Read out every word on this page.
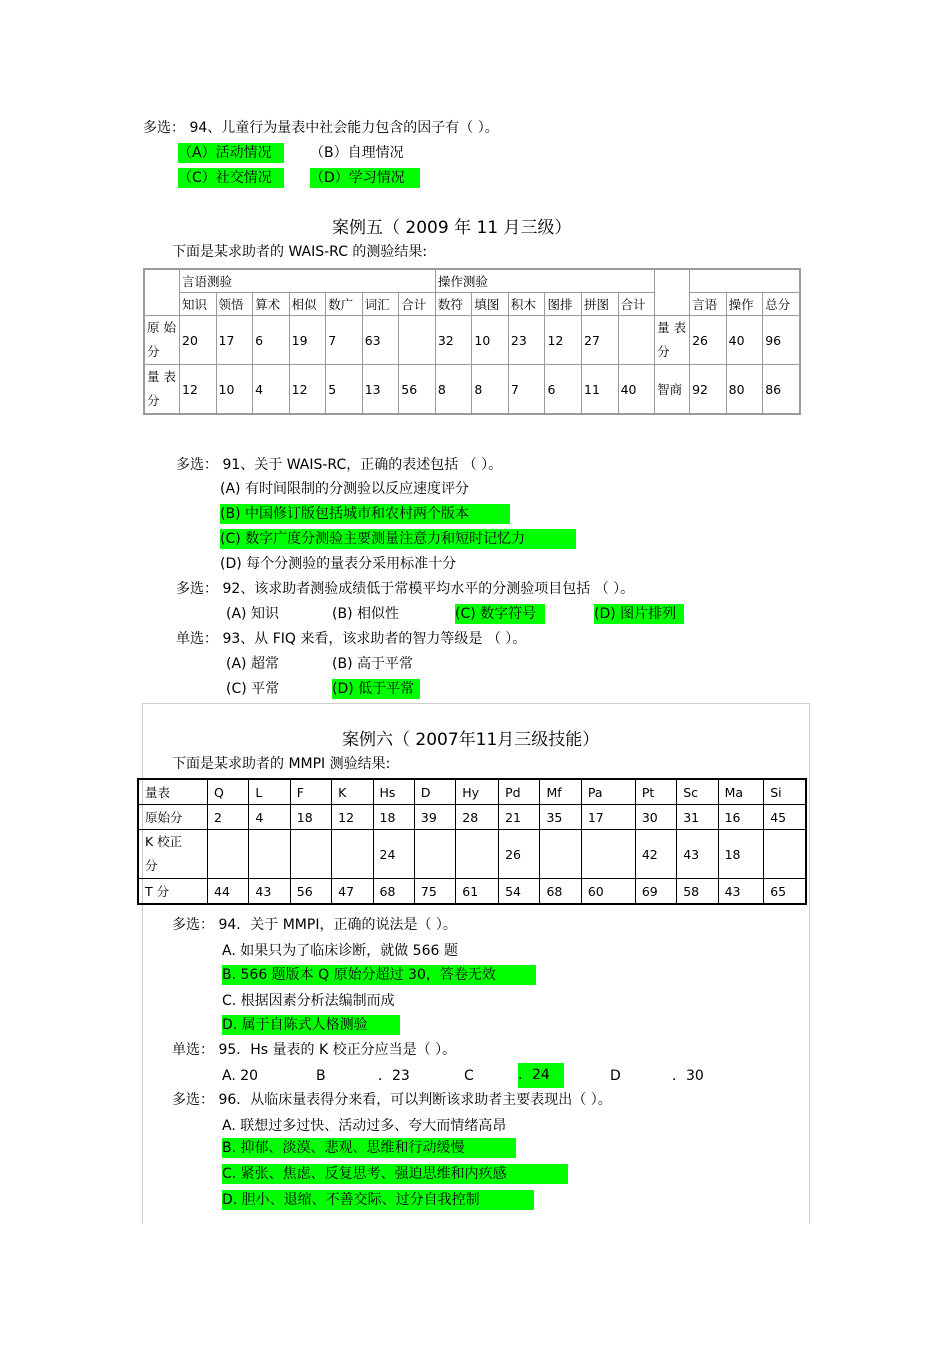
多选： 94、儿童行为量表中社会能力包含的因子有（ ）。
（A）活动情况	（B）自理情况
（C）社交情况	（D）学习情况
案例五（ 2009 年 11 月三级）
下面是某求助者的 WAIS-RC 的测验结果:
	言语测验							操作测验									
	知识	领悟	算术	相似	数广	词汇	合计	数符	填图	积木	图排	拼图	合计		言语	操作	总分
原 始 分	20	17	6	19	7	63		32	10	23	12	27		量 表 分	26	40	96
量 表 分	12	10	4	12	5	13	56	8	8	7	6	11	40	智商	92	80	86
多选： 91、关于 WAIS-RC，正确的表述包括 （ ）。
(A) 有时间限制的分测验以反应速度评分
(B) 中国修订版包括城市和农村两个版本
(C) 数字广度分测验主要测量注意力和短时记忆力
(D) 每个分测验的量表分采用标准十分
多选： 92、该求助者测验成绩低于常模平均水平的分测验项目包括 （ ）。
(A) 知识	(B) 相似性	(C) 数字符号	(D) 图片排列
单选： 93、从 FIQ 来看，该求助者的智力等级是 （ ）。
(A) 超常	(B) 高于平常
(C) 平常	(D) 低于平常
案例六（ 2007年11月三级技能）
下面是某求助者的 MMPI 测验结果:
量表	Q	L	F	K	Hs	D	Hy	Pd	Mf	Pa	Pt	Sc	Ma	Si
原始分	2	4	18	12	18	39	28	21	35	17	30	31	16	45
K 校正
分					24			26			42	43	18	
T 分	44	43	56	47	68	75	61	54	68	60	69	58	43	65
多选： 94．关于 MMPI，正确的说法是（ ）。
A. 如果只为了临床诊断，就做 566 题
B. 566 题版本 Q 原始分超过 30，答卷无效
C. 根据因素分析法编制而成
D. 属于自陈式人格测验
单选： 95．Hs 量表的 K 校正分应当是（ ）。
A. 20	B	．23	C	．24	D	．30
多选： 96．从临床量表得分来看，可以判断该求助者主要表现出（ ）。
A. 联想过多过快、活动过多、夸大而情绪高昂
B. 抑郁、淡漠、悲观、思维和行动缓慢
C. 紧张、焦虑、反复思考、强迫思维和内疚感
D. 胆小、退缩、不善交际、过分自我控制
